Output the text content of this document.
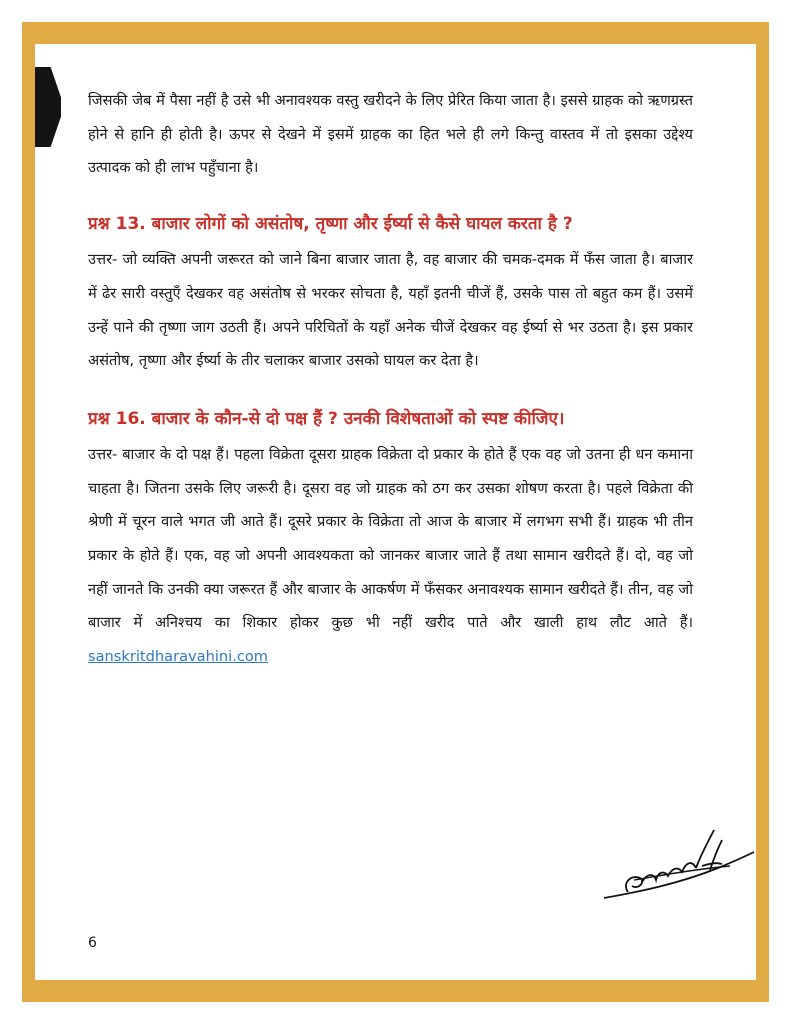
जिसकी जेब में पैसा नहीं है उसे भी अनावश्यक वस्तु खरीदने के लिए प्रेरित किया जाता है। इससे ग्राहक को ऋणग्रस्त होने से हानि ही होती है। ऊपर से देखने में इसमें ग्राहक का हित भले ही लगे किन्तु वास्तव में तो इसका उद्देश्य उत्पादक को ही लाभ पहुँचाना है।

प्रश्न 13. बाजार लोगों को असंतोष, तृष्णा और ईर्ष्या से कैसे घायल करता है ?

उत्तर- जो व्यक्ति अपनी जरूरत को जाने बिना बाजार जाता है, वह बाजार की चमक-दमक में फँस जाता है। बाजार में ढेर सारी वस्तुएँ देखकर वह असंतोष से भरकर सोचता है, यहाँ इतनी चीजें हैं, उसके पास तो बहुत कम हैं। उसमें उन्हें पाने की तृष्णा जाग उठती हैं। अपने परिचितों के यहाँ अनेक चीजें देखकर वह ईर्ष्या से भर उठता है। इस प्रकार असंतोष, तृष्णा और ईर्ष्या के तीर चलाकर बाजार उसको घायल कर देता है।

प्रश्न 16. बाजार के कौन-से दो पक्ष हैं ? उनकी विशेषताओं को स्पष्ट कीजिए।

उत्तर- बाजार के दो पक्ष हैं। पहला विक्रेता दूसरा ग्राहक विक्रेता दो प्रकार के होते हैं एक वह जो उतना ही धन कमाना चाहता है। जितना उसके लिए जरूरी है। दूसरा वह जो ग्राहक को ठग कर उसका शोषण करता है। पहले विक्रेता की श्रेणी में चूरन वाले भगत जी आते हैं। दूसरे प्रकार के विक्रेता तो आज के बाजार में लगभग सभी हैं। ग्राहक भी तीन प्रकार के होते हैं। एक, वह जो अपनी आवश्यकता को जानकर बाजार जाते हैं तथा सामान खरीदते हैं। दो, वह जो नहीं जानते कि उनकी क्या जरूरत हैं और बाजार के आकर्षण में फँसकर अनावश्यक सामान खरीदते हैं। तीन, वह जो बाजार में अनिश्चय का शिकार होकर कुछ भी नहीं खरीद पाते और खाली हाथ लौट आते हैं। sanskritdharavahini.com

6
